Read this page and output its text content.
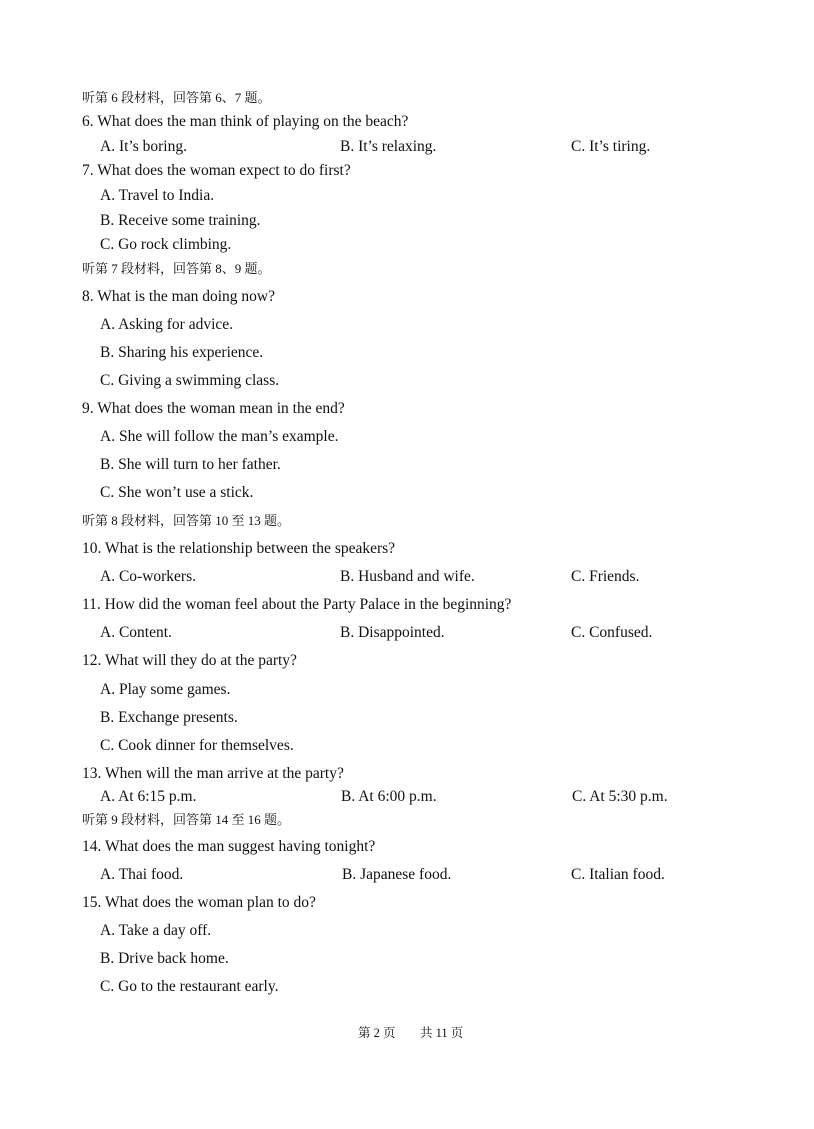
听第 6 段材料，回答第 6、7 题。
6. What does the man think of playing on the beach?
A. It’s boring.	B. It’s relaxing.	C. It’s tiring.
7. What does the woman expect to do first?
A. Travel to India.
B. Receive some training.
C. Go rock climbing.
听第 7 段材料，回答第 8、9 题。
8. What is the man doing now?
A. Asking for advice.
B. Sharing his experience.
C. Giving a swimming class.
9. What does the woman mean in the end?
A. She will follow the man’s example.
B. She will turn to her father.
C. She won’t use a stick.
听第 8 段材料，回答第 10 至 13 题。
10. What is the relationship between the speakers?
A. Co-workers.	B. Husband and wife.	C. Friends.
11. How did the woman feel about the Party Palace in the beginning?
A. Content.	B. Disappointed.	C. Confused.
12. What will they do at the party?
A. Play some games.
B. Exchange presents.
C. Cook dinner for themselves.
13. When will the man arrive at the party?
A. At 6:15 p.m.	B. At 6:00 p.m.	C. At 5:30 p.m.
听第 9 段材料，回答第 14 至 16 题。
14. What does the man suggest having tonight?
A. Thai food.	B. Japanese food.	C. Italian food.
15. What does the woman plan to do?
A. Take a day off.
B. Drive back home.
C. Go to the restaurant early.
第 2 页 共 11 页
